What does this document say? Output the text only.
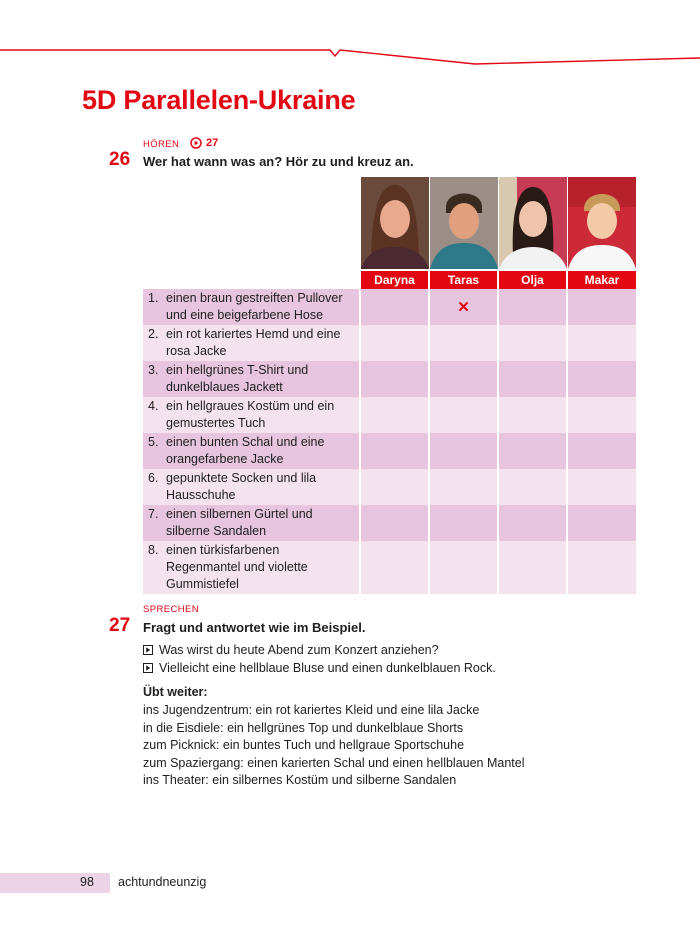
5D Parallelen-Ukraine
HÖREN 27
26 Wer hat wann was an? Hör zu und kreuz an.
	Daryna	Taras	Olja	Makar

1. einen braun gestreiften Pullover und eine beigefarbene Hose		✕		

2. ein rot kariertes Hemd und eine rosa Jacke				

3. ein hellgrünes T-Shirt und dunkelblaues Jackett				

4. ein hellgraues Kostüm und ein gemustertes Tuch				

5. einen bunten Schal und eine orangefarbene Jacke				

6. gepunktete Socken und lila Hausschuhe				

7. einen silbernen Gürtel und silberne Sandalen				

8. einen türkisfarbenen Regenmantel und violette Gummistiefel				

SPRECHEN
27 Fragt und antwortet wie im Beispiel.
Was wirst du heute Abend zum Konzert anziehen?
Vielleicht eine hellblaue Bluse und einen dunkelblauen Rock.
Übt weiter:
ins Jugendzentrum: ein rot kariertes Kleid und eine lila Jacke
in die Eisdiele: ein hellgrünes Top und dunkelblaue Shorts
zum Picknick: ein buntes Tuch und hellgraue Sportschuhe
zum Spaziergang: einen karierten Schal und einen hellblauen Mantel
ins Theater: ein silbernes Kostüm und silberne Sandalen
98 achtundneunzig
